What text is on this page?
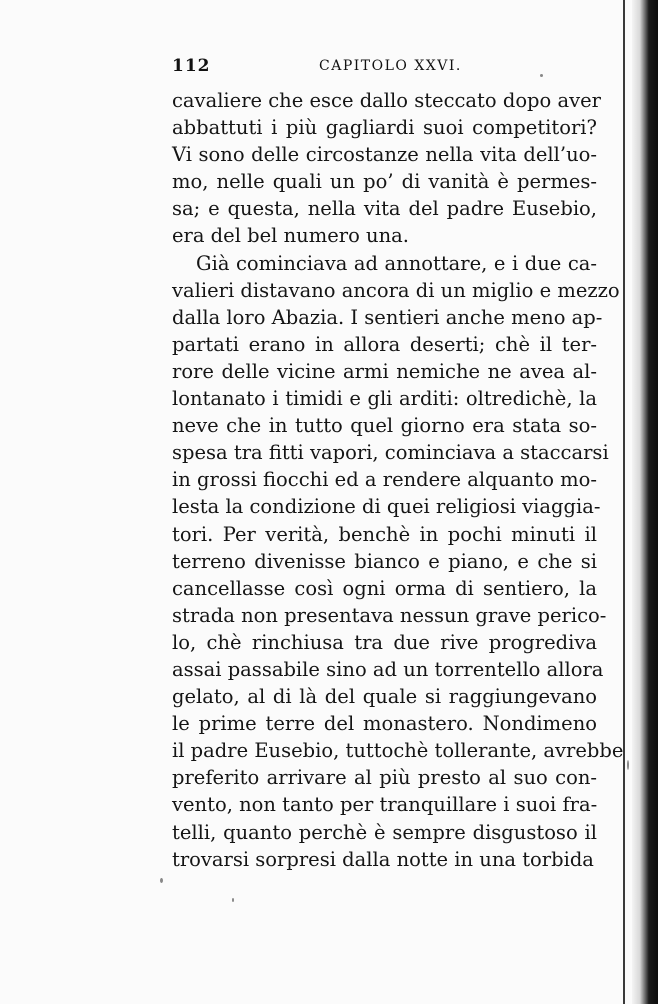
112	CAPITOLO XXVI.
cavaliere che esce dallo steccato dopo aver
abbattuti i più gagliardi suoi competitori?
Vi sono delle circostanze nella vita dell’uo-
mo, nelle quali un po’ di vanità è permes-
sa; e questa, nella vita del padre Eusebio,
era del bel numero una.
Già cominciava ad annottare, e i due ca-
valieri distavano ancora di un miglio e mezzo
dalla loro Abazia. I sentieri anche meno ap-
partati erano in allora deserti; chè il ter-
rore delle vicine armi nemiche ne avea al-
lontanato i timidi e gli arditi: oltredichè, la
neve che in tutto quel giorno era stata so-
spesa tra fitti vapori, cominciava a staccarsi
in grossi fiocchi ed a rendere alquanto mo-
lesta la condizione di quei religiosi viaggia-
tori. Per verità, benchè in pochi minuti il
terreno divenisse bianco e piano, e che si
cancellasse così ogni orma di sentiero, la
strada non presentava nessun grave perico-
lo, chè rinchiusa tra due rive progrediva
assai passabile sino ad un torrentello allora
gelato, al di là del quale si raggiungevano
le prime terre del monastero. Nondimeno
il padre Eusebio, tuttochè tollerante, avrebbe
preferito arrivare al più presto al suo con-
vento, non tanto per tranquillare i suoi fra-
telli, quanto perchè è sempre disgustoso il
trovarsi sorpresi dalla notte in una torbida
